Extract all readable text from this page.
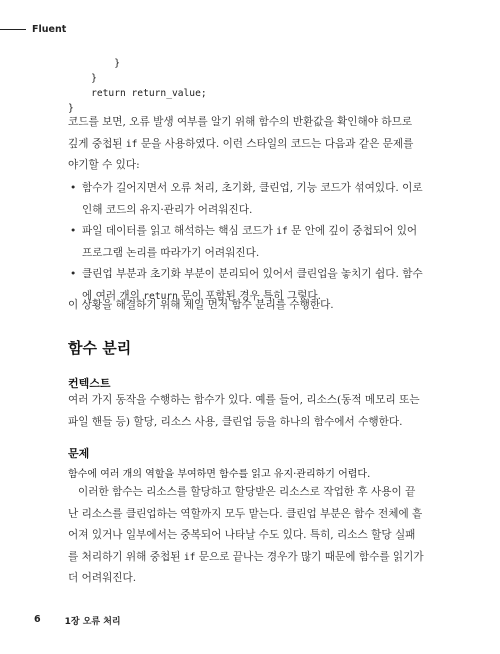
Fluent
}
}
return return_value;
}
코드를 보면, 오류 발생 여부를 알기 위해 함수의 반환값을 확인해야 하므로
깊게 중첩된 if 문을 사용하였다. 이런 스타일의 코드는 다음과 같은 문제를
야기할 수 있다:
• 함수가 길어지면서 오류 처리, 초기화, 클린업, 기능 코드가 섞여있다. 이로
인해 코드의 유지·관리가 어려워진다.
• 파일 데이터를 읽고 해석하는 핵심 코드가 if 문 안에 깊이 중첩되어 있어
프로그램 논리를 따라가기 어려워진다.
• 클린업 부분과 초기화 부분이 분리되어 있어서 클린업을 놓치기 쉽다. 함수
에 여러 개의 return 문이 포함된 경우 특히 그렇다.
이 상황을 해결하기 위해 제일 먼저 함수 분리를 수행한다.
함수 분리
컨텍스트
여러 가지 동작을 수행하는 함수가 있다. 예를 들어, 리소스(동적 메모리 또는
파일 핸들 등) 할당, 리소스 사용, 클린업 등을 하나의 함수에서 수행한다.
문제
함수에 여러 개의 역할을 부여하면 함수를 읽고 유지·관리하기 어렵다.
이러한 함수는 리소스를 할당하고 할당받은 리소스로 작업한 후 사용이 끝
난 리소스를 클린업하는 역할까지 모두 맡는다. 클린업 부분은 함수 전체에 흩
어져 있거나 일부에서는 중복되어 나타날 수도 있다. 특히, 리소스 할당 실패
를 처리하기 위해 중첩된 if 문으로 끝나는 경우가 많기 때문에 함수를 읽기가
더 어려워진다.
6	1장 오류 처리
